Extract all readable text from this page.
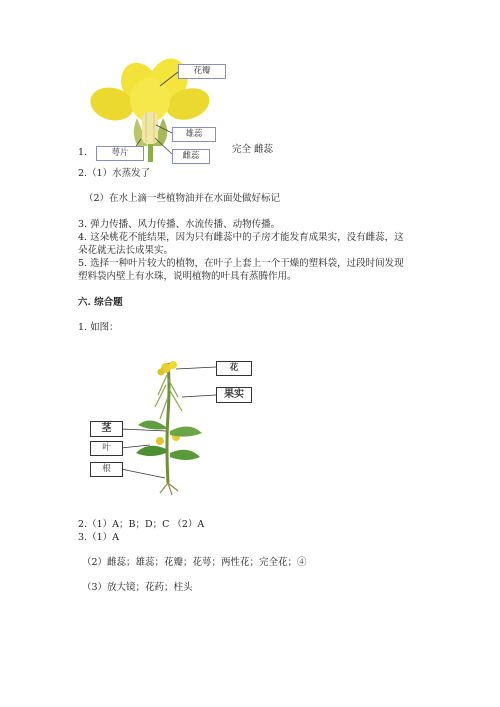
花瓣
雄蕊
萼片	雌蕊
1.	完全 雌蕊
2.（1）水蒸发了
（2）在水上滴一些植物油并在水面处做好标记
3. 弹力传播、风力传播、水流传播、动物传播。
4. 这朵桃花不能结果，因为只有雌蕊中的子房才能发育成果实，没有雌蕊，这
朵花就无法长成果实。
5. 选择一种叶片较大的植物，在叶子上套上一个干燥的塑料袋，过段时间发现
塑料袋内壁上有水珠，说明植物的叶具有蒸腾作用。
六. 综合题
1. 如图：
花
果实
茎
叶
根
2.（1）A；B；D；C （2）A
3.（1）A
（2）雌蕊；雄蕊；花瓣；花萼；两性花；完全花；④
（3）放大镜；花药；柱头
